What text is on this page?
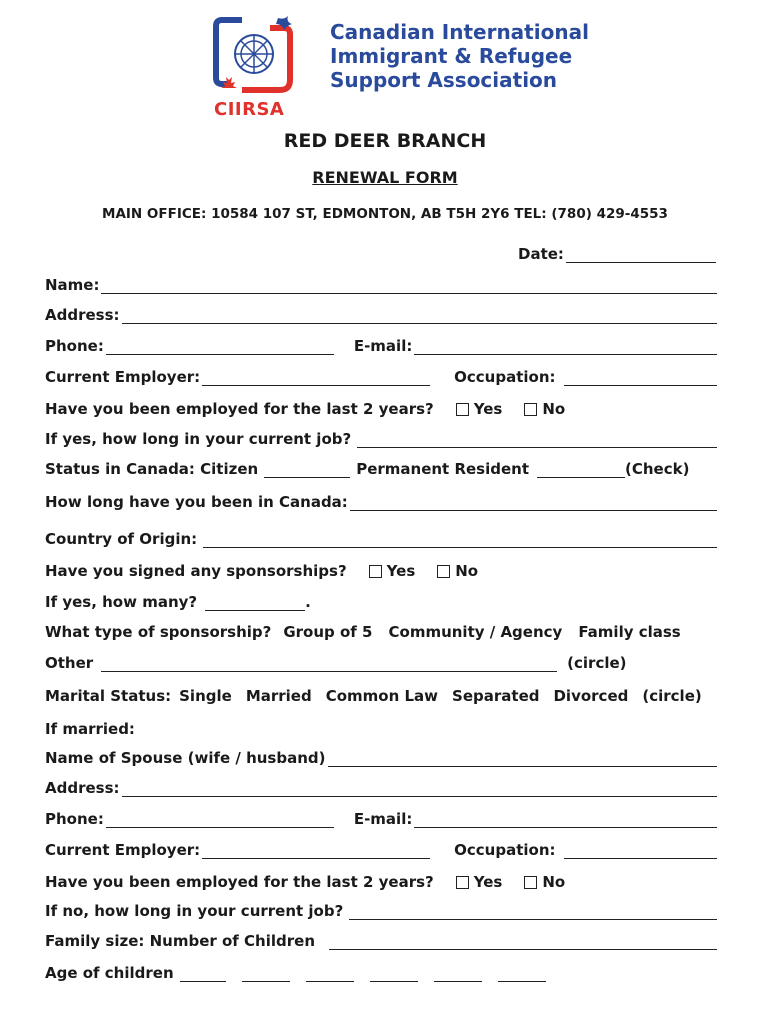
Canadian International
Immigrant & Refugee
Support Association
CIIRSA
RED DEER BRANCH
RENEWAL FORM
MAIN OFFICE: 10584 107 ST, EDMONTON, AB T5H 2Y6 TEL: (780) 429-4553
Date:
Name:
Address:
Phone:	E-mail:
Current Employer:	Occupation:
Have you been employed for the last 2 years?	Yes	No
If yes, how long in your current job?
Status in Canada: Citizen	Permanent Resident	(Check)
How long have you been in Canada:
Country of Origin:
Have you signed any sponsorships?	Yes	No
If yes, how many?	.
What type of sponsorship? Group of 5 Community / Agency Family class
Other	(circle)
Marital Status: Single Married Common Law Separated Divorced (circle)
If married:
Name of Spouse (wife / husband)
Address:
Phone:	E-mail:
Current Employer:	Occupation:
Have you been employed for the last 2 years?	Yes	No
If no, how long in your current job?
Family size: Number of Children
Age of children
